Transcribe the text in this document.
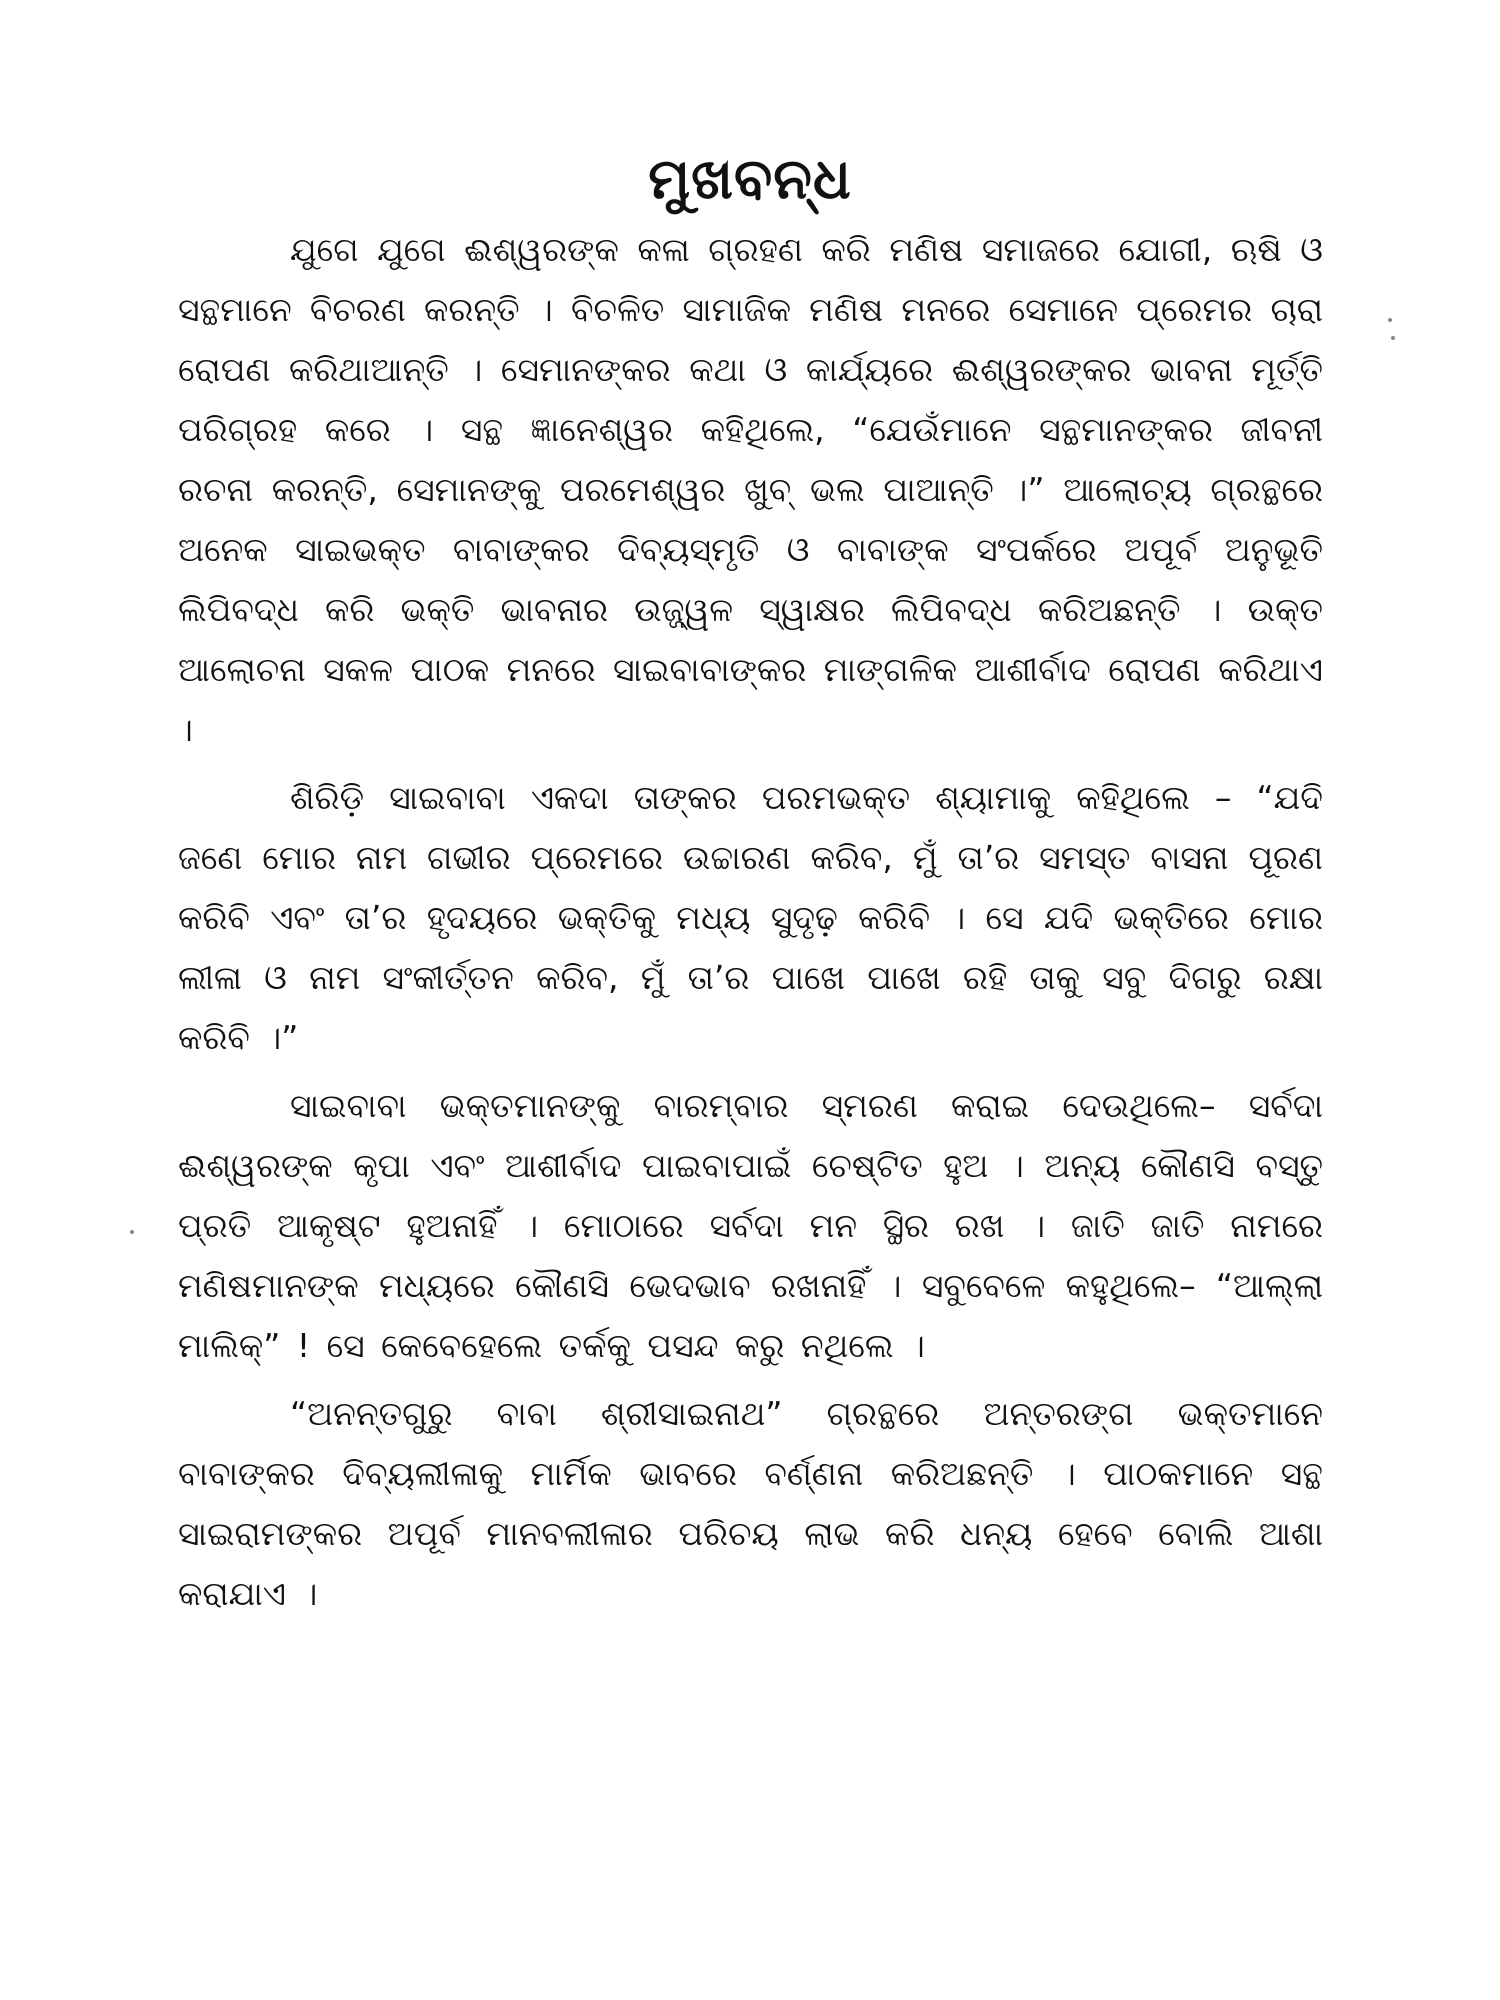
ମୁଖବନ୍ଧ

ଯୁଗେ ଯୁଗେ ଈଶ୍ୱରଙ୍କ କଳା ଗ୍ରହଣ କରି ମଣିଷ ସମାଜରେ ଯୋଗୀ, ଋଷି ଓ ସନ୍ଥମାନେ ବିଚରଣ କରନ୍ତି । ବିଚଳିତ ସାମାଜିକ ମଣିଷ ମନରେ ସେମାନେ ପ୍ରେମର ଚାରା ରୋପଣ କରିଥାଆନ୍ତି । ସେମାନଙ୍କର କଥା ଓ କାର୍ଯ୍ୟରେ ଈଶ୍ୱରଙ୍କର ଭାବନା ମୂର୍ତ୍ତି ପରିଗ୍ରହ କରେ । ସନ୍ଥ ଜ୍ଞାନେଶ୍ୱର କହିଥିଲେ, “ଯେଉଁମାନେ ସନ୍ଥମାନଙ୍କର ଜୀବନୀ ରଚନା କରନ୍ତି, ସେମାନଙ୍କୁ ପରମେଶ୍ୱର ଖୁବ୍ ଭଲ ପାଆନ୍ତି ।” ଆଲୋଚ୍ୟ ଗ୍ରନ୍ଥରେ ଅନେକ ସାଇଭକ୍ତ ବାବାଙ୍କର ଦିବ୍ୟସ୍ମୃତି ଓ ବାବାଙ୍କ ସଂପର୍କରେ ଅପୂର୍ବ ଅନୁଭୂତି ଲିପିବଦ୍ଧ କରି ଭକ୍ତି ଭାବନାର ଉଜ୍ଜ୍ୱଳ ସ୍ୱାକ୍ଷର ଲିପିବଦ୍ଧ କରିଅଛନ୍ତି । ଉକ୍ତ ଆଲୋଚନା ସକଳ ପାଠକ ମନରେ ସାଇବାବାଙ୍କର ମାଙ୍ଗଳିକ ଆଶୀର୍ବାଦ ରୋପଣ କରିଥାଏ ।

ଶିରିଡ଼ି ସାଇବାବା ଏକଦା ତାଙ୍କର ପରମଭକ୍ତ ଶ୍ୟାମାକୁ କହିଥିଲେ – “ଯଦି ଜଣେ ମୋର ନାମ ଗଭୀର ପ୍ରେମରେ ଉଚ୍ଚାରଣ କରିବ, ମୁଁ ତା’ର ସମସ୍ତ ବାସନା ପୂରଣ କରିବି ଏବଂ ତା’ର ହୃଦୟରେ ଭକ୍ତିକୁ ମଧ୍ୟ ସୁଦୃଢ଼ କରିବି । ସେ ଯଦି ଭକ୍ତିରେ ମୋର ଲୀଳା ଓ ନାମ ସଂକୀର୍ତ୍ତନ କରିବ, ମୁଁ ତା’ର ପାଖେ ପାଖେ ରହି ତାକୁ ସବୁ ଦିଗରୁ ରକ୍ଷା କରିବି ।”

ସାଇବାବା ଭକ୍ତମାନଙ୍କୁ ବାରମ୍ବାର ସ୍ମରଣ କରାଇ ଦେଉଥିଲେ– ସର୍ବଦା ଈଶ୍ୱରଙ୍କ କୃପା ଏବଂ ଆଶୀର୍ବାଦ ପାଇବାପାଇଁ ଚେଷ୍ଟିତ ହୁଅ । ଅନ୍ୟ କୌଣସି ବସ୍ତୁ ପ୍ରତି ଆକୃଷ୍ଟ ହୁଅନାହିଁ । ମୋଠାରେ ସର୍ବଦା ମନ ସ୍ଥିର ରଖ । ଜାତି ଜାତି ନାମରେ ମଣିଷମାନଙ୍କ ମଧ୍ୟରେ କୌଣସି ଭେଦଭାବ ରଖନାହିଁ । ସବୁବେଳେ କହୁଥିଲେ– “ଆଲ୍ଲା ମାଲିକ୍” ! ସେ କେବେହେଲେ ତର୍କକୁ ପସନ୍ଦ କରୁ ନଥିଲେ ।

“ଅନନ୍ତଗୁରୁ ବାବା ଶ୍ରୀସାଇନାଥ” ଗ୍ରନ୍ଥରେ ଅନ୍ତରଙ୍ଗ ଭକ୍ତମାନେ ବାବାଙ୍କର ଦିବ୍ୟଲୀଳାକୁ ମାର୍ମିକ ଭାବରେ ବର୍ଣ୍ଣନା କରିଅଛନ୍ତି । ପାଠକମାନେ ସନ୍ଥ ସାଇରାମଙ୍କର ଅପୂର୍ବ ମାନବଲୀଳାର ପରିଚୟ ଲାଭ କରି ଧନ୍ୟ ହେବେ ବୋଲି ଆଶା କରାଯାଏ ।
